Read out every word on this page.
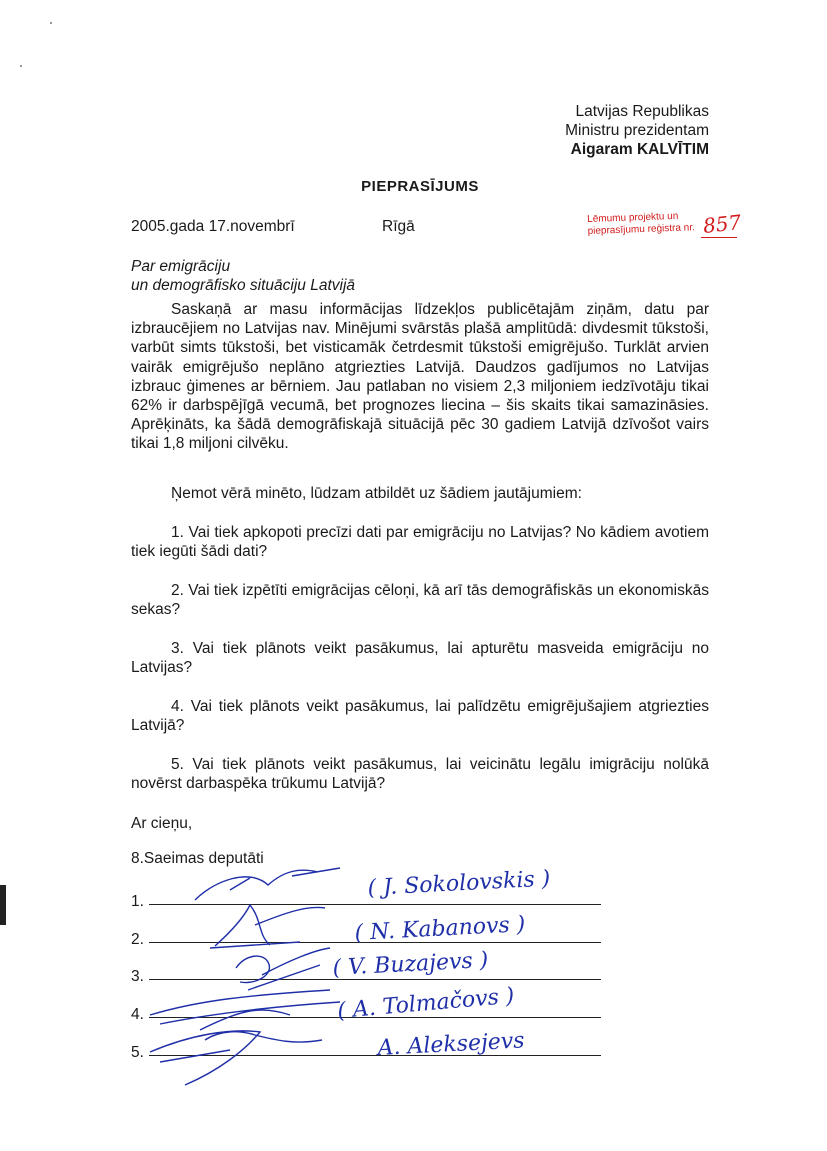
Latvijas Republikas
Ministru prezidentam
Aigaram KALVĪTIM
PIEPRASĪJUMS
2005.gada 17.novembrī	Rīgā
Lēmumu projektu un
pieprasījumu reģistra nr. 857
Par emigrāciju
un demogrāfisko situāciju Latvijā

Saskaņā ar masu informācijas līdzekļos publicētajām ziņām, datu par izbraucējiem no Latvijas nav. Minējumi svārstās plašā amplitūdā: divdesmit tūkstoši, varbūt simts tūkstoši, bet visticamāk četrdesmit tūkstoši emigrējušo. Turklāt arvien vairāk emigrējušo neplāno atgriezties Latvijā. Daudzos gadījumos no Latvijas izbrauc ģimenes ar bērniem. Jau patlaban no visiem 2,3 miljoniem iedzīvotāju tikai 62% ir darbspējīgā vecumā, bet prognozes liecina – šis skaits tikai samazināsies. Aprēķināts, ka šādā demogrāfiskajā situācijā pēc 30 gadiem Latvijā dzīvošot vairs tikai 1,8 miljoni cilvēku.

Ņemot vērā minēto, lūdzam atbildēt uz šādiem jautājumiem:

1. Vai tiek apkopoti precīzi dati par emigrāciju no Latvijas? No kādiem avotiem tiek iegūti šādi dati?

2. Vai tiek izpētīti emigrācijas cēloņi, kā arī tās demogrāfiskās un ekonomiskās sekas?

3. Vai tiek plānots veikt pasākumus, lai apturētu masveida emigrāciju no Latvijas?

4. Vai tiek plānots veikt pasākumus, lai palīdzētu emigrējušajiem atgriezties Latvijā?

5. Vai tiek plānots veikt pasākumus, lai veicinātu legālu imigrāciju nolūkā novērst darbaspēka trūkumu Latvijā?

Ar cieņu,
8.Saeimas deputāti
1.
2.
3.
4.
5.
( J. Sokolovskis )
( N. Kabanovs )
( V. Buzajevs )
( A. Tolmačovs )
A. Aleksejevs
